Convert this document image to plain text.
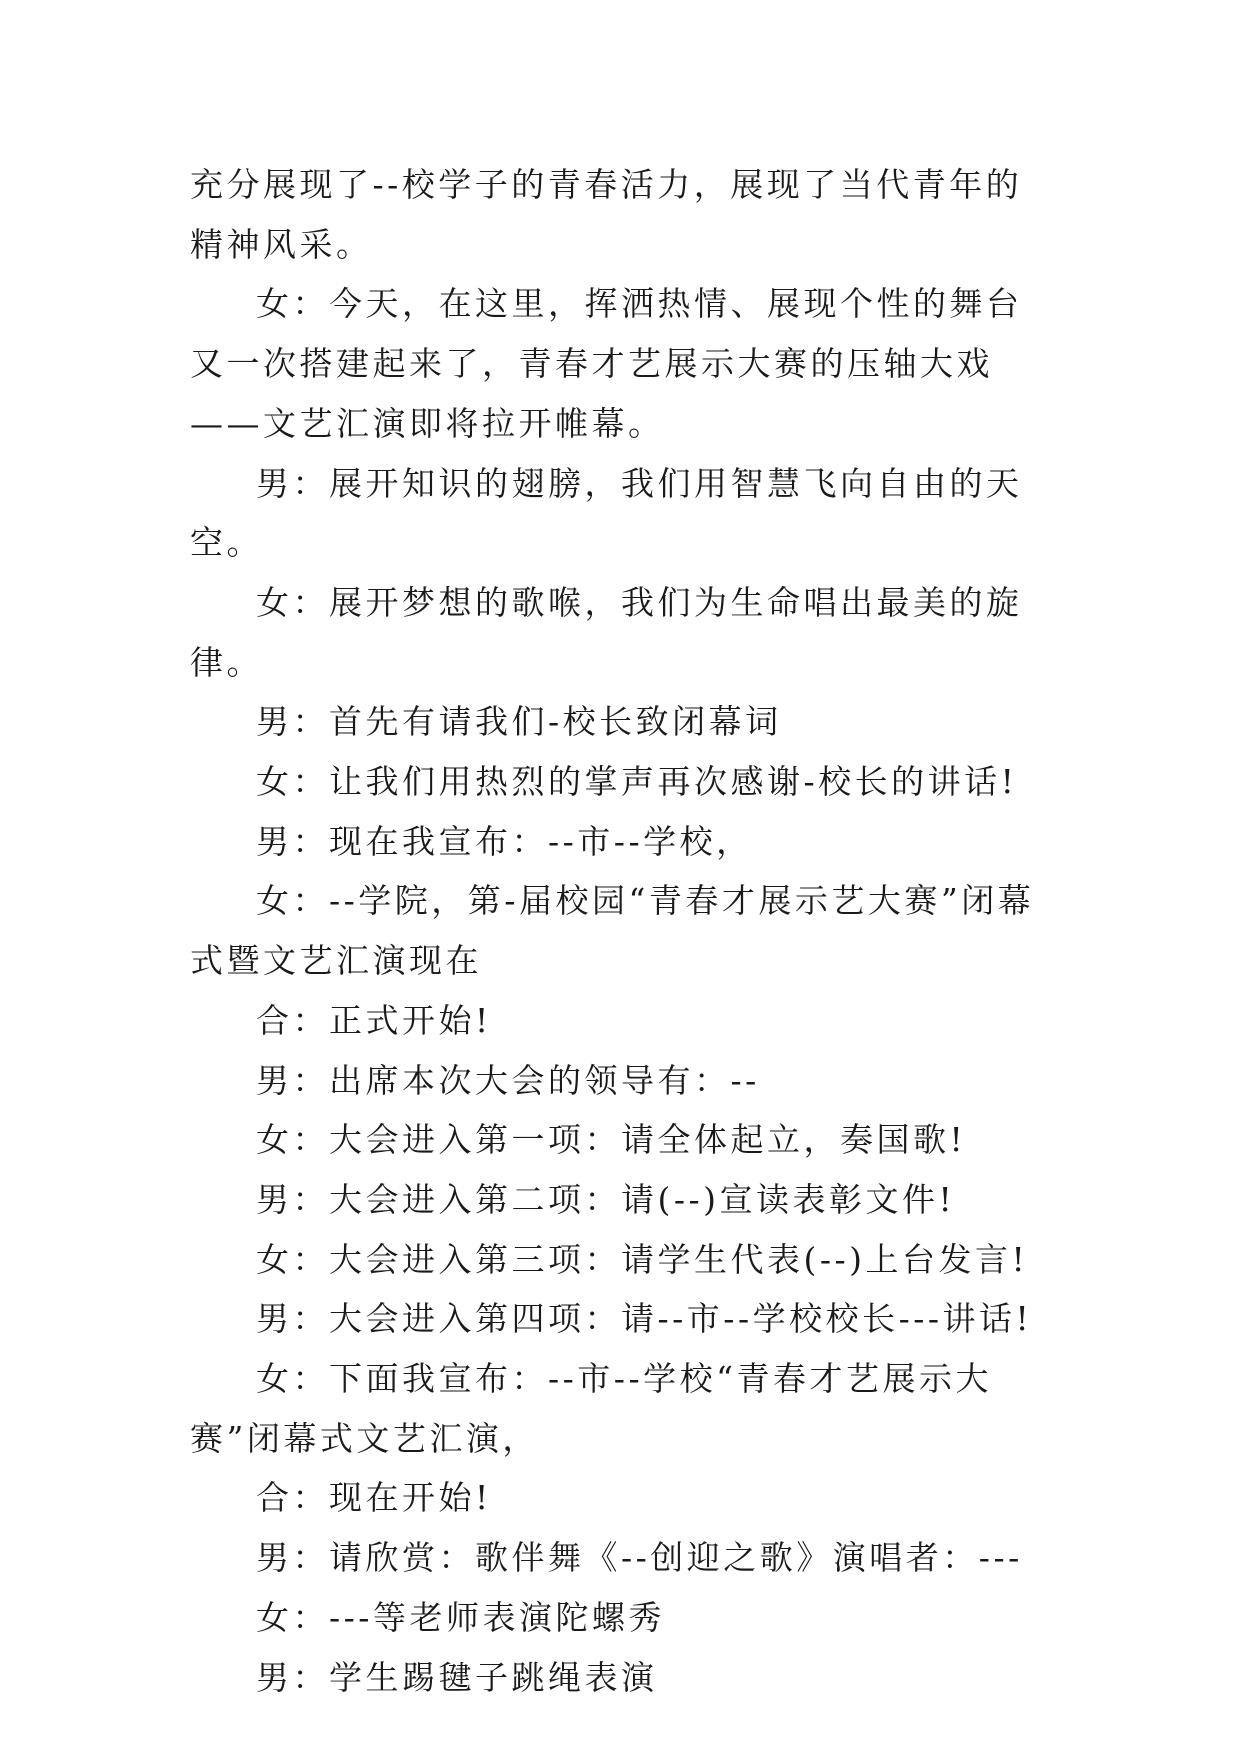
充分展现了--校学子的青春活力，展现了当代青年的精神风采。

女：今天，在这里，挥洒热情、展现个性的舞台又一次搭建起来了，青春才艺展示大赛的压轴大戏——文艺汇演即将拉开帷幕。

男：展开知识的翅膀，我们用智慧飞向自由的天空。

女：展开梦想的歌喉，我们为生命唱出最美的旋律。

男：首先有请我们-校长致闭幕词

女：让我们用热烈的掌声再次感谢-校长的讲话!

男：现在我宣布：--市--学校，

女：--学院，第-届校园“青春才展示艺大赛”闭幕式暨文艺汇演现在

合：正式开始!

男：出席本次大会的领导有：--

女：大会进入第一项：请全体起立，奏国歌!

男：大会进入第二项：请(--)宣读表彰文件!

女：大会进入第三项：请学生代表(--)上台发言!

男：大会进入第四项：请--市--学校校长---讲话!

女：下面我宣布：--市--学校“青春才艺展示大赛”闭幕式文艺汇演，

合：现在开始!

男：请欣赏：歌伴舞《--创迎之歌》演唱者：---

女：---等老师表演陀螺秀

男：学生踢毽子跳绳表演
